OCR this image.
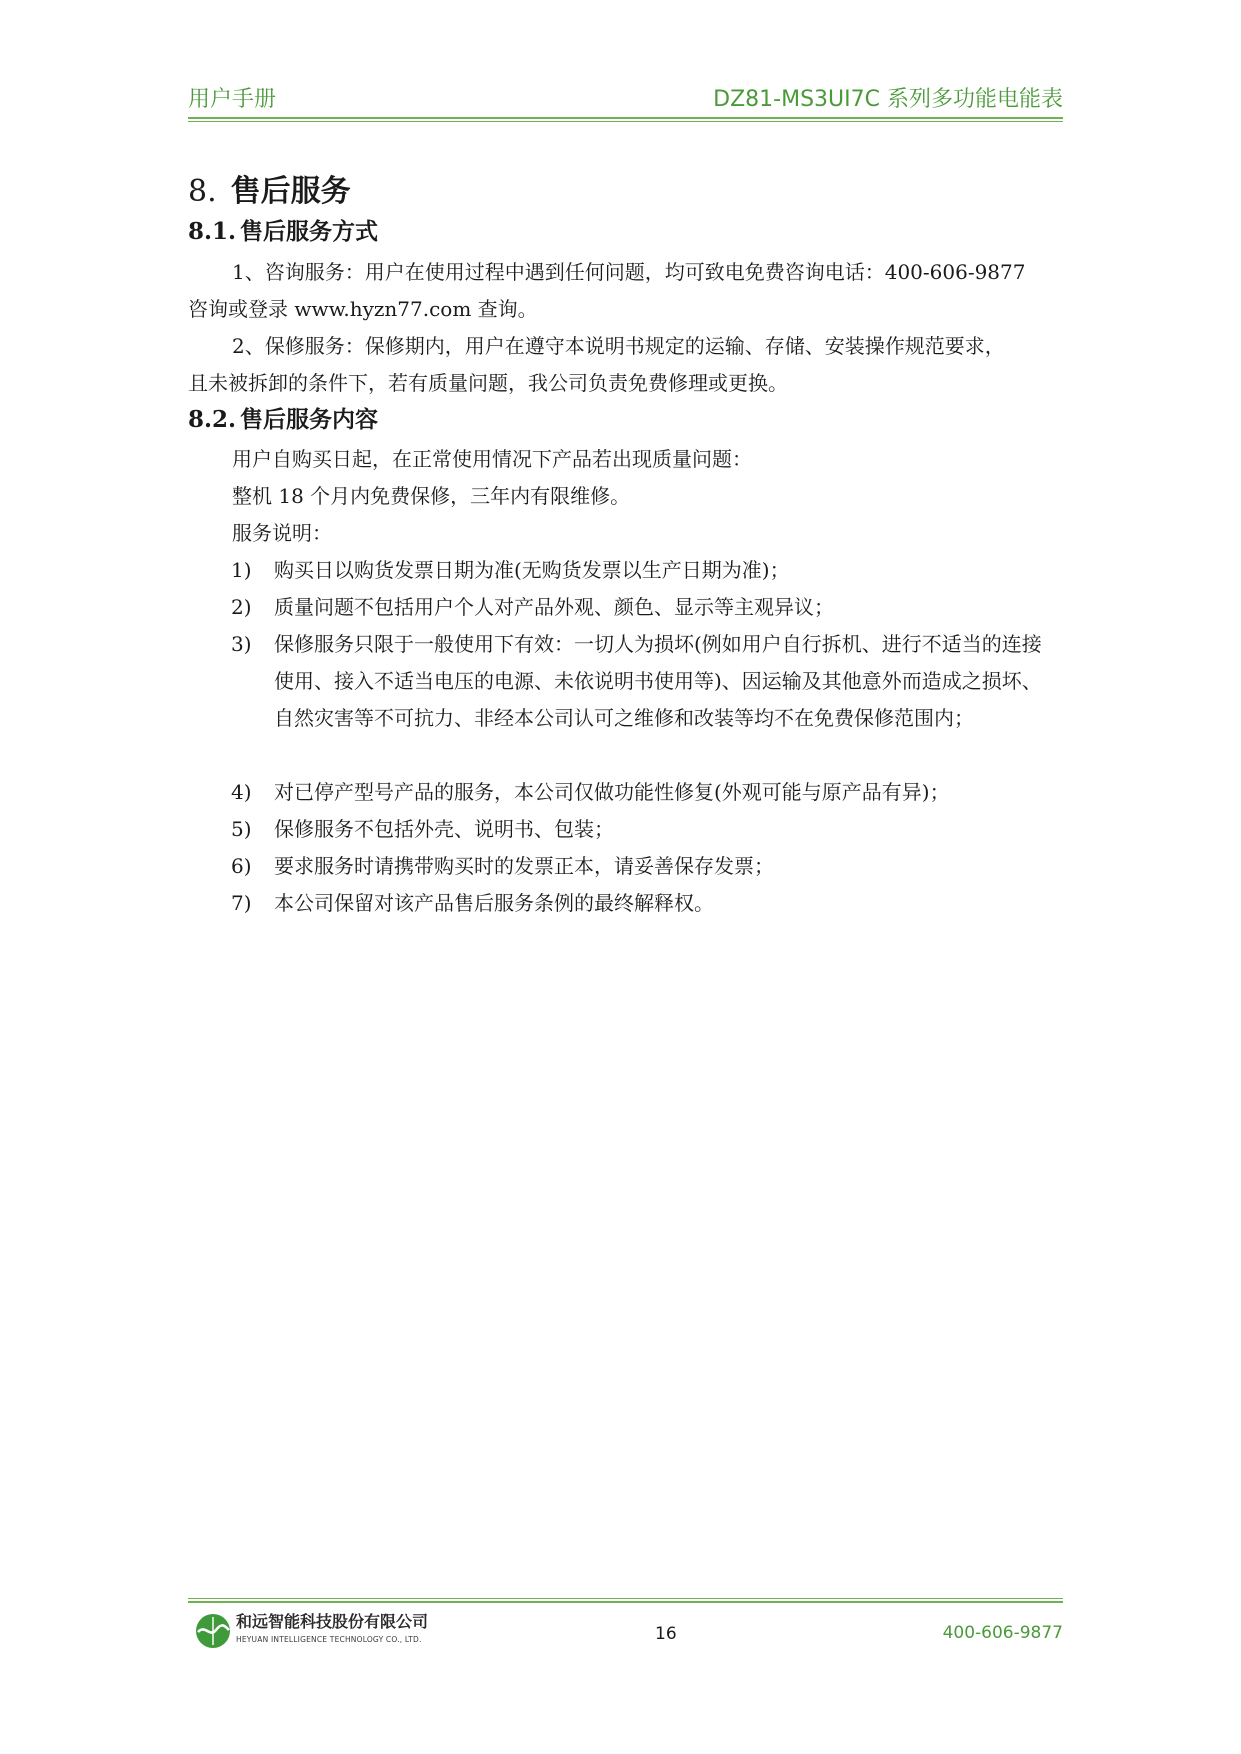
用户手册	DZ81-MS3UI7C 系列多功能电能表
8. 售后服务
8.1. 售后服务方式
1、咨询服务：用户在使用过程中遇到任何问题，均可致电免费咨询电话：400-606-9877
咨询或登录 www.hyzn77.com 查询。
2、保修服务：保修期内，用户在遵守本说明书规定的运输、存储、安装操作规范要求，
且未被拆卸的条件下，若有质量问题，我公司负责免费修理或更换。
8.2. 售后服务内容
用户自购买日起，在正常使用情况下产品若出现质量问题：
整机 18 个月内免费保修，三年内有限维修。
服务说明：
1) 购买日以购货发票日期为准(无购货发票以生产日期为准)；
2) 质量问题不包括用户个人对产品外观、颜色、显示等主观异议；
3) 保修服务只限于一般使用下有效：一切人为损坏(例如用户自行拆机、进行不适当的连接使用、接入不适当电压的电源、未依说明书使用等)、因运输及其他意外而造成之损坏、自然灾害等不可抗力、非经本公司认可之维修和改装等均不在免费保修范围内；
4) 对已停产型号产品的服务，本公司仅做功能性修复(外观可能与原产品有异)；
5) 保修服务不包括外壳、说明书、包装；
6) 要求服务时请携带购买时的发票正本，请妥善保存发票；
7) 本公司保留对该产品售后服务条例的最终解释权。
和远智能科技股份有限公司
HEYUAN INTELLIGENCE TECHNOLOGY CO., LTD.	16	400-606-9877
